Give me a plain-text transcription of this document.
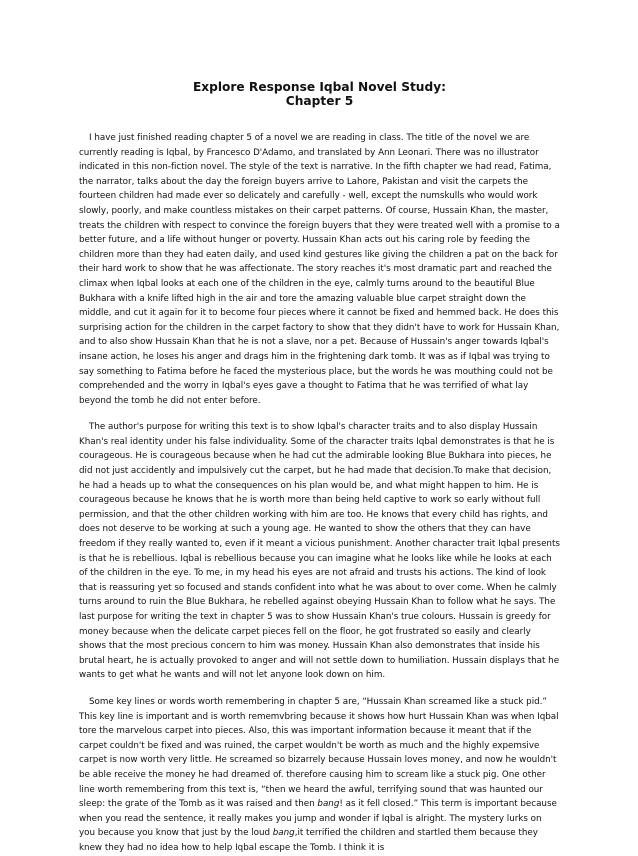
Explore Response Iqbal Novel Study:
Chapter 5

I have just finished reading chapter 5 of a novel we are reading in class. The title of the novel we are currently reading is Iqbal, by Francesco D'Adamo, and translated by Ann Leonari. There was no illustrator indicated in this non-fiction novel. The style of the text is narrative. In the fifth chapter we had read, Fatima, the narrator, talks about the day the foreign buyers arrive to Lahore, Pakistan and visit the carpets the fourteen children had made ever so delicately and carefully - well, except the numskulls who would work slowly, poorly, and make countless mistakes on their carpet patterns. Of course, Hussain Khan, the master, treats the children with respect to convince the foreign buyers that they were treated well with a promise to a better future, and a life without hunger or poverty. Hussain Khan acts out his caring role by feeding the children more than they had eaten daily, and used kind gestures like giving the children a pat on the back for their hard work to show that he was affectionate. The story reaches it's most dramatic part and reached the climax when Iqbal looks at each one of the children in the eye, calmly turns around to the beautiful Blue Bukhara with a knife lifted high in the air and tore the amazing valuable blue carpet straight down the middle, and cut it again for it to become four pieces where it cannot be fixed and hemmed back. He does this surprising action for the children in the carpet factory to show that they didn't have to work for Hussain Khan, and to also show Hussain Khan that he is not a slave, nor a pet. Because of Hussain's anger towards Iqbal's insane action, he loses his anger and drags him in the frightening dark tomb. It was as if Iqbal was trying to say something to Fatima before he faced the mysterious place, but the words he was mouthing could not be comprehended and the worry in Iqbal's eyes gave a thought to Fatima that he was terrified of what lay beyond the tomb he did not enter before.

The author's purpose for writing this text is to show Iqbal's character traits and to also display Hussain Khan's real identity under his false individuality. Some of the character traits Iqbal demonstrates is that he is courageous. He is courageous because when he had cut the admirable looking Blue Bukhara into pieces, he did not just accidently and impulsively cut the carpet, but he had made that decision.To make that decision, he had a heads up to what the consequences on his plan would be, and what might happen to him. He is courageous because he knows that he is worth more than being held captive to work so early without full permission, and that the other children working with him are too. He knows that every child has rights, and does not deserve to be working at such a young age. He wanted to show the others that they can have freedom if they really wanted to, even if it meant a vicious punishment. Another character trait Iqbal presents is that he is rebellious. Iqbal is rebellious because you can imagine what he looks like while he looks at each of the children in the eye. To me, in my head his eyes are not afraid and trusts his actions. The kind of look that is reassuring yet so focused and stands confident into what he was about to over come. When he calmly turns around to ruin the Blue Bukhara, he rebelled against obeying Hussain Khan to follow what he says. The last purpose for writing the text in chapter 5 was to show Hussain Khan's true colours. Hussain is greedy for money because when the delicate carpet pieces fell on the floor, he got frustrated so easily and clearly shows that the most precious concern to him was money. Hussain Khan also demonstrates that inside his brutal heart, he is actually provoked to anger and will not settle down to humiliation. Hussain displays that he wants to get what he wants and will not let anyone look down on him.

Some key lines or words worth remembering in chapter 5 are, “Hussain Khan screamed like a stuck pid.” This key line is important and is worth rememvbring because it shows how hurt Hussain Khan was when Iqbal tore the marvelous carpet into pieces. Also, this was important information because it meant that if the carpet couldn't be fixed and was ruined, the carpet wouldn't be worth as much and the highly expemsive carpet is now worth very little. He screamed so bizarrely because Hussain loves money, and now he wouldn't be able receive the money he had dreamed of. therefore causing him to scream like a stuck pig. One other line worth remembering from this text is, “then we heard the awful, terrifying sound that was haunted our sleep: the grate of the Tomb as it was raised and then bang! as it fell closed.” This term is important because when you read the sentence, it really makes you jump and wonder if Iqbal is alright. The mystery lurks on you because you know that just by the loud bang,it terrified the children and startled them because they knew they had no idea how to help Iqbal escape the Tomb. I think it is
